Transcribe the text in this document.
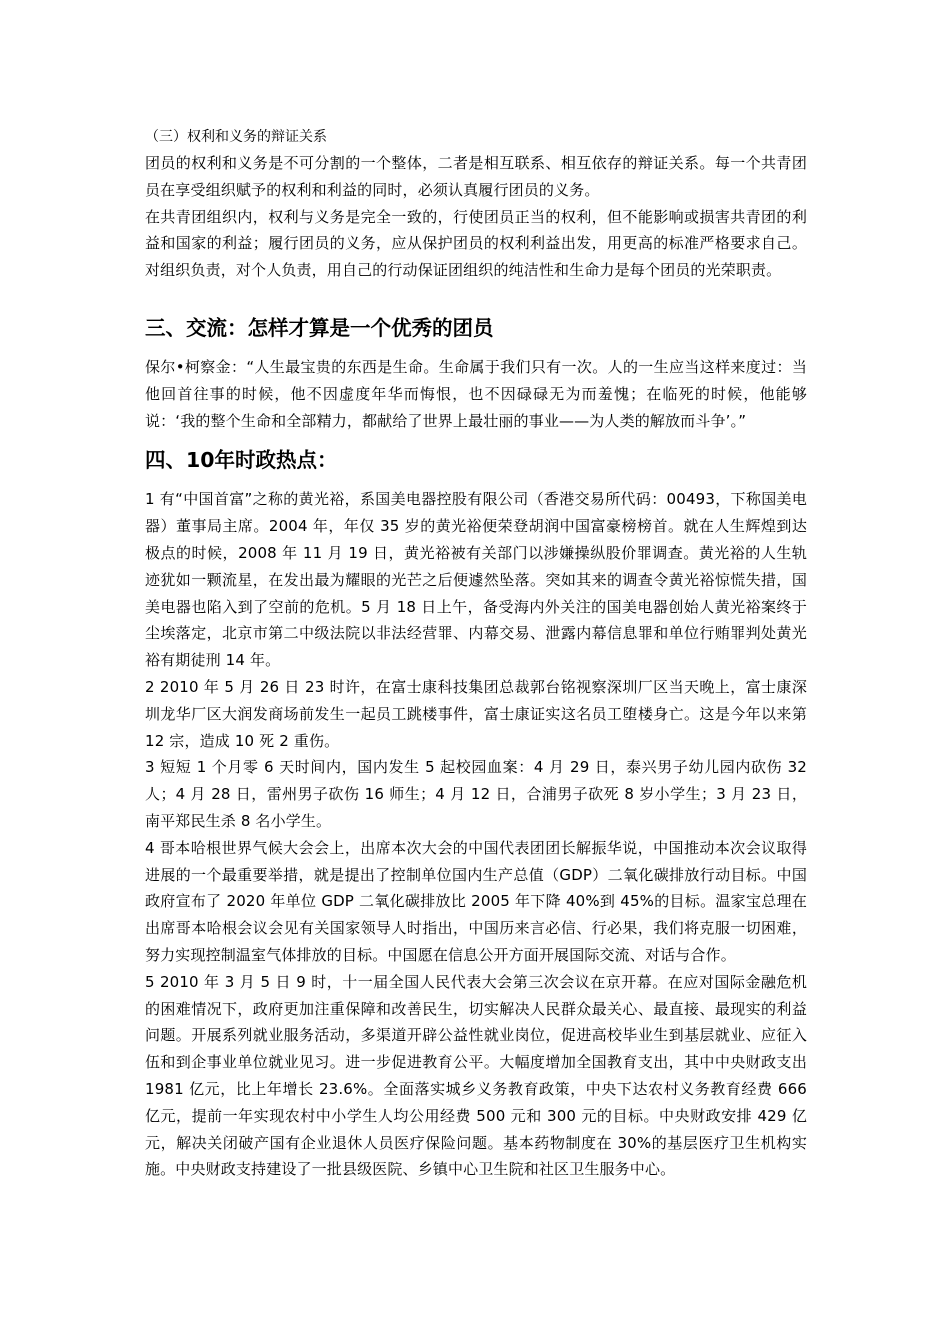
（三）权利和义务的辩证关系

团员的权利和义务是不可分割的一个整体，二者是相互联系、相互依存的辩证关系。每一个共青团员在享受组织赋予的权利和利益的同时，必须认真履行团员的义务。

在共青团组织内，权利与义务是完全一致的，行使团员正当的权利，但不能影响或损害共青团的利益和国家的利益；履行团员的义务，应从保护团员的权利利益出发，用更高的标准严格要求自己。对组织负责，对个人负责，用自己的行动保证团组织的纯洁性和生命力是每个团员的光荣职责。

三、交流：怎样才算是一个优秀的团员

保尔•柯察金：“人生最宝贵的东西是生命。生命属于我们只有一次。人的一生应当这样来度过：当他回首往事的时候，他不因虚度年华而悔恨，也不因碌碌无为而羞愧；在临死的时候，他能够说：‘我的整个生命和全部精力，都献给了世界上最壮丽的事业——为人类的解放而斗争’。”

四、10年时政热点：

1 有“中国首富”之称的黄光裕，系国美电器控股有限公司（香港交易所代码：00493，下称国美电器）董事局主席。2004 年，年仅 35 岁的黄光裕便荣登胡润中国富豪榜榜首。就在人生辉煌到达极点的时候，2008 年 11 月 19 日，黄光裕被有关部门以涉嫌操纵股价罪调查。黄光裕的人生轨迹犹如一颗流星，在发出最为耀眼的光芒之后便遽然坠落。突如其来的调查令黄光裕惊慌失措，国美电器也陷入到了空前的危机。5 月 18 日上午，备受海内外关注的国美电器创始人黄光裕案终于尘埃落定，北京市第二中级法院以非法经营罪、内幕交易、泄露内幕信息罪和单位行贿罪判处黄光裕有期徒刑 14 年。

2 2010 年 5 月 26 日 23 时许，在富士康科技集团总裁郭台铭视察深圳厂区当天晚上，富士康深圳龙华厂区大润发商场前发生一起员工跳楼事件，富士康证实这名员工堕楼身亡。这是今年以来第 12 宗，造成 10 死 2 重伤。

3 短短 1 个月零 6 天时间内，国内发生 5 起校园血案：4 月 29 日，泰兴男子幼儿园内砍伤 32 人；4 月 28 日，雷州男子砍伤 16 师生；4 月 12 日，合浦男子砍死 8 岁小学生；3 月 23 日，南平郑民生杀 8 名小学生。

4 哥本哈根世界气候大会会上，出席本次大会的中国代表团团长解振华说，中国推动本次会议取得进展的一个最重要举措，就是提出了控制单位国内生产总值（GDP）二氧化碳排放行动目标。中国政府宣布了 2020 年单位 GDP 二氧化碳排放比 2005 年下降 40%到 45%的目标。温家宝总理在出席哥本哈根会议会见有关国家领导人时指出，中国历来言必信、行必果，我们将克服一切困难，努力实现控制温室气体排放的目标。中国愿在信息公开方面开展国际交流、对话与合作。

5 2010 年 3 月 5 日 9 时，十一届全国人民代表大会第三次会议在京开幕。在应对国际金融危机的困难情况下，政府更加注重保障和改善民生，切实解决人民群众最关心、最直接、最现实的利益问题。开展系列就业服务活动，多渠道开辟公益性就业岗位，促进高校毕业生到基层就业、应征入伍和到企事业单位就业见习。进一步促进教育公平。大幅度增加全国教育支出，其中中央财政支出 1981 亿元，比上年增长 23.6%。全面落实城乡义务教育政策，中央下达农村义务教育经费 666 亿元，提前一年实现农村中小学生人均公用经费 500 元和 300 元的目标。中央财政安排 429 亿元，解决关闭破产国有企业退休人员医疗保险问题。基本药物制度在 30%的基层医疗卫生机构实施。中央财政支持建设了一批县级医院、乡镇中心卫生院和社区卫生服务中心。
